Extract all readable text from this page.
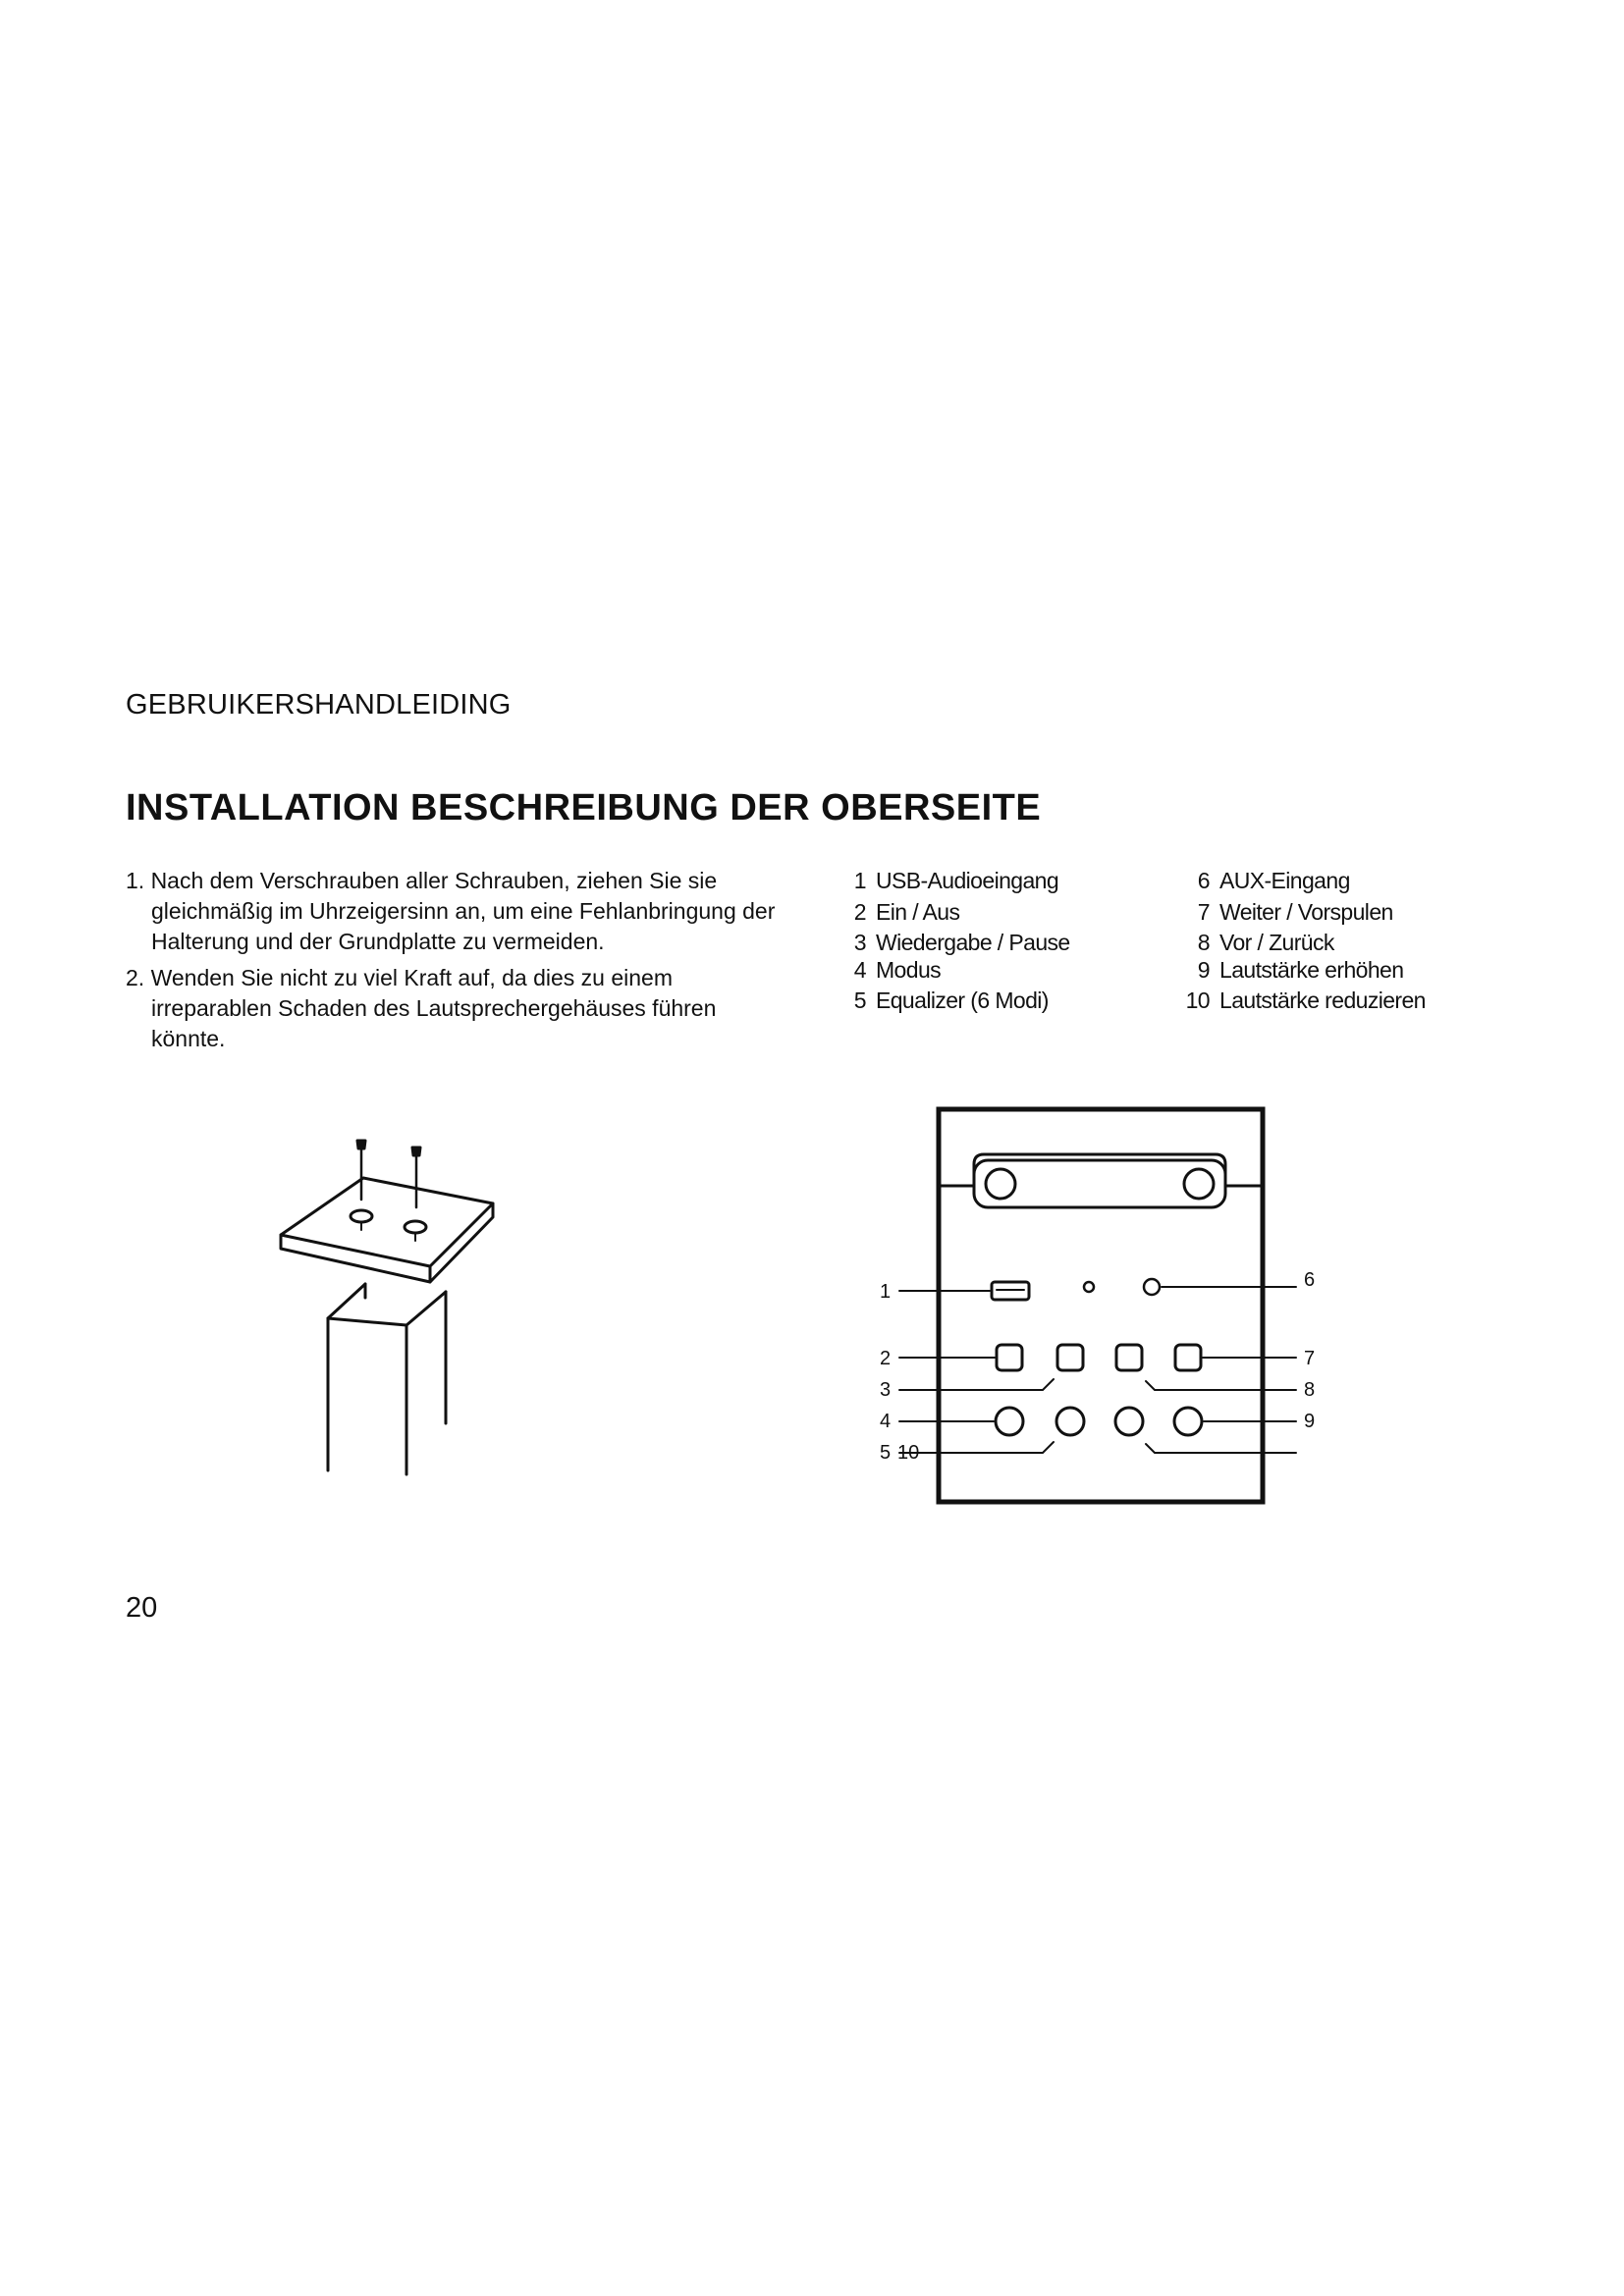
GEBRUIKERSHANDLEIDING
INSTALLATION BESCHREIBUNG DER OBERSEITE

1. Nach dem Verschrauben aller Schrauben, ziehen Sie sie gleichmäßig im Uhrzeigersinn an, um eine Fehlanbringung der Halterung und der Grundplatte zu vermeiden.

2. Wenden Sie nicht zu viel Kraft auf, da dies zu einem irreparablen Schaden des Lautsprechergehäuses führen könnte.

1 USB-Audioeingang
2 Ein / Aus
3 Wiedergabe / Pause
4 Modus
5 Equalizer (6 Modi)
6 AUX-Eingang
7 Weiter / Vorspulen
8 Vor / Zurück
9 Lautstärke erhöhen
10 Lautstärke reduzieren
1
6
2	7
3	8
4	9
5 10
20
